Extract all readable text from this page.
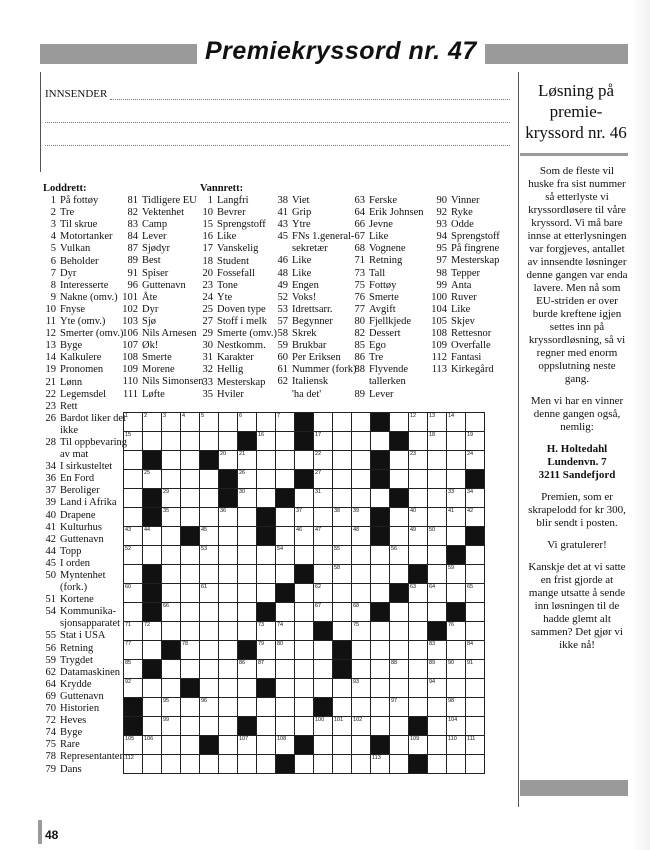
Premiekryssord nr. 47
INNSENDER	Løsning på premie-kryssord nr. 46

Som de fleste vil huske fra sist nummer så etterlyste vi kryssordløsere til våre kryssord. Vi må bare innse at etterlysningen var forgjeves, antallet av innsendte løsninger denne gangen var enda lavere. Men nå som EU-striden er over burde kreftene igjen settes inn på kryssordløsning, så vi regner med enorm oppslutning neste gang.

Men vi har en vinner denne gangen også, nemlig:

H. Holtedahl
Lundenvn. 7
3211 Sandefjord

Premien, som er skrapelodd for kr 300, blir sendt i posten.

Vi gratulerer!

Kanskje det at vi satte en frist gjorde at mange utsatte å sende inn løsningen til de hadde glemt alt sammen? Det gjør vi ikke nå!

Loddrett:
1 På fottøy
2 Tre
3 Til skrue
4 Motortanker
5 Vulkan
6 Beholder
7 Dyr
8 Interesserte
9 Nakne (omv.)
10 Fnyse
11 Yte (omv.)
12 Smerter (omv.)
13 Byge
14 Kalkulere
19 Pronomen
21 Lønn
22 Legemsdel
23 Rett
26 Bardot liker det
ikke
28 Til oppbevaring
av mat
34 I sirkusteltet
36 En Ford
37 Beroliger
39 Land i Afrika
40 Drapene
41 Kulturhus
42 Guttenavn
44 Topp
45 I orden
50 Myntenhet
(fork.)
51 Kortene
54 Kommunika-
sjonsapparatet
55 Stat i USA
56 Retning
59 Trygdet
62 Datamaskinen
64 Krydde
69 Guttenavn
70 Historien
72 Heves
74 Byge
75 Rare
78 Representanten
79 Dans
81 Tidligere EU
82 Vektenhet
83 Camp
84 Lever
87 Sjødyr
89 Best
91 Spiser
96 Guttenavn
101 Åte
102 Dyr
103 Sjø
106 Nils Arnesen
107 Øk!
108 Smerte
109 Morene
110 Nils Simonsen
111 Løfte
Vannrett:
1 Langfri
10 Bevrer
15 Sprengstoff
16 Like
17 Vanskelig
18 Student
20 Fossefall
23 Tone
24 Yte
25 Doven type
27 Stoff i melk
29 Smerte (omv.)
30 Nestkomm.
31 Karakter
32 Hellig
33 Mesterskap
35 Hviler
38 Viet
41 Grip
43 Ytre
45 FNs 1.general-
sekretær
46 Like
48 Like
49 Engen
52 Voks!
53 Idrettsarr.
57 Begynner
58 Skrek
59 Brukbar
60 Per Eriksen
61 Nummer (fork)
62 Italiensk
'ha det'
63 Ferske
64 Erik Johnsen
66 Jevne
67 Like
68 Vognene
71 Retning
73 Tall
75 Fottøy
76 Smerte
77 Avgift
80 Fjellkjede
82 Dessert
85 Ego
86 Tre
88 Flyvende
tallerken
89 Lever
90 Vinner
92 Ryke
93 Odde
94 Sprengstoff
95 På fingrene
97 Mesterskap
98 Tepper
99 Anta
100 Ruver
104 Like
105 Skjev
108 Rettesnor
109 Overfalle
112 Fantasi
113 Kirkegård
1	2	3	4	5		6		7							12	13	14	

15							16			17						18		19

					20	21				22					23			24

	25					26				27								

		29				30				31							33	34

		35			36				37		38	39			40		41	42

43	44			45					46	47		48			49	50		

52				53				54			55			56				

											58						59	

60				61						62					63	64		65

		66								67		68						

71	72						73	74				75					76	

77			78				79	80								83		84

85						86	87							88		89	90	91

92												93				94		

		95		96										97			98	

		99								100	101	102					104	

105	106					107		108							109		110	111

112													113					

48
